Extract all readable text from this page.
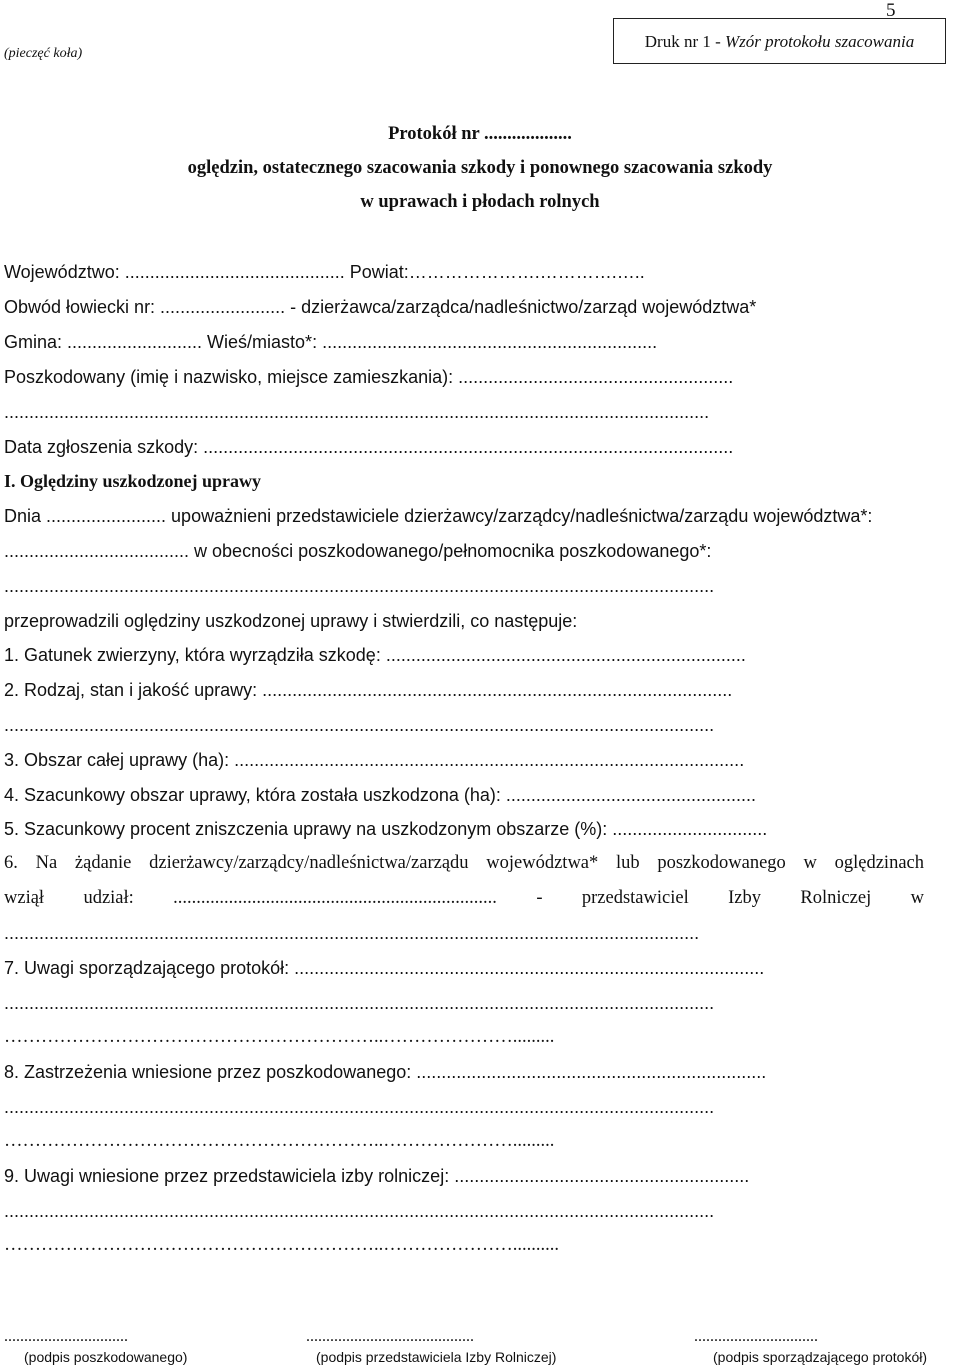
5
(pieczęć koła)
Druk nr 1 - Wzór protokołu szacowania
Protokół nr ...................
oględzin, ostatecznego szacowania szkody i ponownego szacowania szkody
w uprawach i płodach rolnych
Województwo: ............................................ Powiat:………………….………….…..
Obwód łowiecki nr: ......................... - dzierżawca/zarządca/nadleśnictwo/zarząd województwa*
Gmina: ........................... Wieś/miasto*: ...................................................................
Poszkodowany (imię i nazwisko, miejsce zamieszkania): .......................................................
.............................................................................................................................................
Data zgłoszenia szkody: ..........................................................................................................
I. Oględziny uszkodzonej uprawy
Dnia ........................ upoważnieni przedstawiciele dzierżawcy/zarządcy/nadleśnictwa/zarządu województwa*:
..................................... w obecności poszkodowanego/pełnomocnika poszkodowanego*:
..............................................................................................................................................
przeprowadzili oględziny uszkodzonej uprawy i stwierdzili, co następuje:
1. Gatunek zwierzyny, która wyrządziła szkodę: ........................................................................
2. Rodzaj, stan i jakość uprawy: ..............................................................................................
..............................................................................................................................................
3. Obszar całej uprawy (ha): ......................................................................................................
4. Szacunkowy obszar uprawy, która została uszkodzona (ha): ..................................................
5. Szacunkowy procent zniszczenia uprawy na uszkodzonym obszarze (%): ...............................
6. Na żądanie dzierżawcy/zarządcy/nadleśnictwa/zarządu województwa* lub poszkodowanego w oględzinach
wziął udział: ...................................................................... - przedstawiciel Izby Rolniczej w
...........................................................................................................................................
7. Uwagi sporządzającego protokół: ..............................................................................................
..............................................................................................................................................
……………………………………………………..………………….........
8. Zastrzeżenia wniesione przez poszkodowanego: ......................................................................
..............................................................................................................................................
……………………………………………………..………………….........
9. Uwagi wniesione przez przedstawiciela izby rolniczej: ...........................................................
..............................................................................................................................................
……………………………………………………..…………………..........
...............................	..........................................	...............................
(podpis poszkodowanego)	(podpis przedstawiciela Izby Rolniczej)	(podpis sporządzającego protokół)
